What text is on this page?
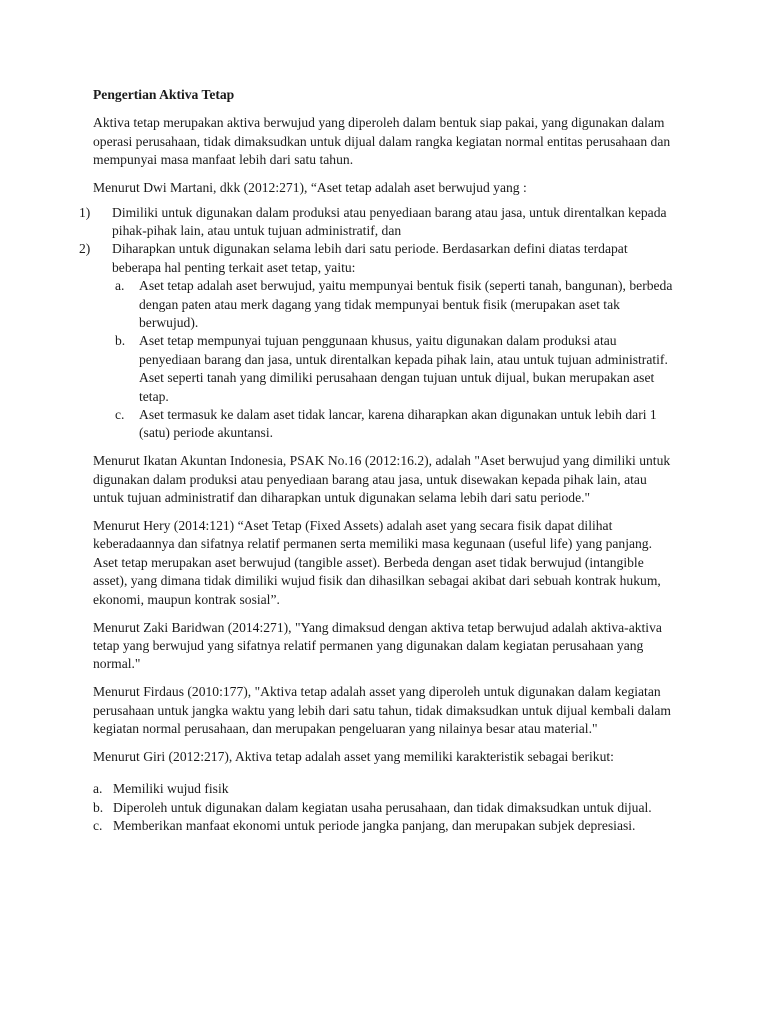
Pengertian Aktiva Tetap

Aktiva tetap merupakan aktiva berwujud yang diperoleh dalam bentuk siap pakai, yang digunakan dalam operasi perusahaan, tidak dimaksudkan untuk dijual dalam rangka kegiatan normal entitas perusahaan dan mempunyai masa manfaat lebih dari satu tahun.

Menurut Dwi Martani, dkk (2012:271), “Aset tetap adalah aset berwujud yang :

1) Dimiliki untuk digunakan dalam produksi atau penyediaan barang atau jasa, untuk direntalkan kepada pihak-pihak lain, atau untuk tujuan administratif, dan
2) Diharapkan untuk digunakan selama lebih dari satu periode. Berdasarkan defini diatas terdapat beberapa hal penting terkait aset tetap, yaitu:
a. Aset tetap adalah aset berwujud, yaitu mempunyai bentuk fisik (seperti tanah, bangunan), berbeda dengan paten atau merk dagang yang tidak mempunyai bentuk fisik (merupakan aset tak berwujud).
b. Aset tetap mempunyai tujuan penggunaan khusus, yaitu digunakan dalam produksi atau penyediaan barang dan jasa, untuk direntalkan kepada pihak lain, atau untuk tujuan administratif. Aset seperti tanah yang dimiliki perusahaan dengan tujuan untuk dijual, bukan merupakan aset tetap.
c. Aset termasuk ke dalam aset tidak lancar, karena diharapkan akan digunakan untuk lebih dari 1 (satu) periode akuntansi.

Menurut Ikatan Akuntan Indonesia, PSAK No.16 (2012:16.2), adalah "Aset berwujud yang dimiliki untuk digunakan dalam produksi atau penyediaan barang atau jasa, untuk disewakan kepada pihak lain, atau untuk tujuan administratif dan diharapkan untuk digunakan selama lebih dari satu periode."

Menurut Hery (2014:121) “Aset Tetap (Fixed Assets) adalah aset yang secara fisik dapat dilihat keberadaannya dan sifatnya relatif permanen serta memiliki masa kegunaan (useful life) yang panjang. Aset tetap merupakan aset berwujud (tangible asset). Berbeda dengan aset tidak berwujud (intangible asset), yang dimana tidak dimiliki wujud fisik dan dihasilkan sebagai akibat dari sebuah kontrak hukum, ekonomi, maupun kontrak sosial”.

Menurut Zaki Baridwan (2014:271), "Yang dimaksud dengan aktiva tetap berwujud adalah aktiva-aktiva tetap yang berwujud yang sifatnya relatif permanen yang digunakan dalam kegiatan perusahaan yang normal."

Menurut Firdaus (2010:177), "Aktiva tetap adalah asset yang diperoleh untuk digunakan dalam kegiatan perusahaan untuk jangka waktu yang lebih dari satu tahun, tidak dimaksudkan untuk dijual kembali dalam kegiatan normal perusahaan, dan merupakan pengeluaran yang nilainya besar atau material."

Menurut Giri (2012:217), Aktiva tetap adalah asset yang memiliki karakteristik sebagai berikut:

a. Memiliki wujud fisik
b. Diperoleh untuk digunakan dalam kegiatan usaha perusahaan, dan tidak dimaksudkan untuk dijual.
c. Memberikan manfaat ekonomi untuk periode jangka panjang, dan merupakan subjek depresiasi.
